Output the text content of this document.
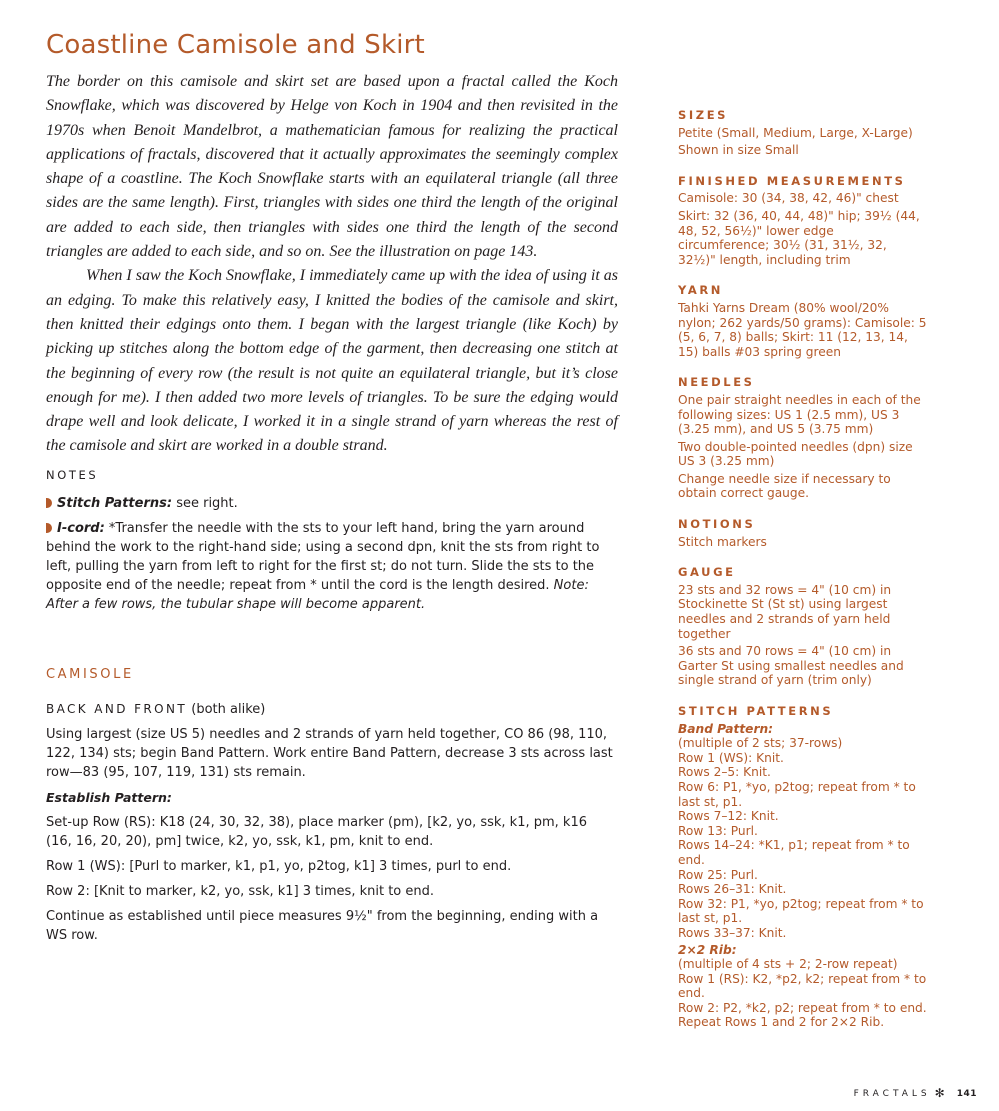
Coastline Camisole and Skirt

The border on this camisole and skirt set are based upon a fractal called the Koch Snowflake, which was discovered by Helge von Koch in 1904 and then revisited in the 1970s when Benoit Mandelbrot, a mathematician famous for realizing the practical applications of fractals, discovered that it actually approximates the seemingly complex shape of a coastline. The Koch Snowflake starts with an equilateral triangle (all three sides are the same length). First, triangles with sides one third the length of the original are added to each side, then triangles with sides one third the length of the second triangles are added to each side, and so on. See the illustration on page 143.

When I saw the Koch Snowflake, I immediately came up with the idea of using it as an edging. To make this relatively easy, I knitted the bodies of the camisole and skirt, then knitted their edgings onto them. I began with the largest triangle (like Koch) by picking up stitches along the bottom edge of the garment, then decreasing one stitch at the beginning of every row (the result is not quite an equilateral triangle, but it’s close enough for me). I then added two more levels of triangles. To be sure the edging would drape well and look delicate, I worked it in a single strand of yarn whereas the rest of the camisole and skirt are worked in a double strand.

NOTES

Stitch Patterns: see right.

I-cord: *Transfer the needle with the sts to your left hand, bring the yarn around behind the work to the right-hand side; using a second dpn, knit the sts from right to left, pulling the yarn from left to right for the first st; do not turn. Slide the sts to the opposite end of the needle; repeat from * until the cord is the length desired. Note: After a few rows, the tubular shape will become apparent.

CAMISOLE

BACK AND FRONT (both alike)

Using largest (size US 5) needles and 2 strands of yarn held together, CO 86 (98, 110, 122, 134) sts; begin Band Pattern. Work entire Band Pattern, decrease 3 sts across last row—83 (95, 107, 119, 131) sts remain.

Establish Pattern:

Set-up Row (RS): K18 (24, 30, 32, 38), place marker (pm), [k2, yo, ssk, k1, pm, k16 (16, 16, 20, 20), pm] twice, k2, yo, ssk, k1, pm, knit to end.

Row 1 (WS): [Purl to marker, k1, p1, yo, p2tog, k1] 3 times, purl to end.

Row 2: [Knit to marker, k2, yo, ssk, k1] 3 times, knit to end.

Continue as established until piece measures 9½" from the beginning, ending with a WS row.

SIZES

Petite (Small, Medium, Large, X-Large)

Shown in size Small

FINISHED MEASUREMENTS

Camisole: 30 (34, 38, 42, 46)" chest

Skirt: 32 (36, 40, 44, 48)" hip; 39½ (44, 48, 52, 56½)" lower edge circumference; 30½ (31, 31½, 32, 32½)" length, including trim

YARN

Tahki Yarns Dream (80% wool/20% nylon; 262 yards/50 grams): Camisole: 5 (5, 6, 7, 8) balls; Skirt: 11 (12, 13, 14, 15) balls #03 spring green

NEEDLES

One pair straight needles in each of the following sizes: US 1 (2.5 mm), US 3 (3.25 mm), and US 5 (3.75 mm)

Two double-pointed needles (dpn) size US 3 (3.25 mm)

Change needle size if necessary to obtain correct gauge.

NOTIONS

Stitch markers

GAUGE

23 sts and 32 rows = 4" (10 cm) in Stockinette St (St st) using largest needles and 2 strands of yarn held together

36 sts and 70 rows = 4" (10 cm) in Garter St using smallest needles and single strand of yarn (trim only)

STITCH PATTERNS

Band Pattern:

(multiple of 2 sts; 37-rows)

Row 1 (WS): Knit.

Rows 2–5: Knit.

Row 6: P1, *yo, p2tog; repeat from * to last st, p1.

Rows 7–12: Knit.

Row 13: Purl.

Rows 14–24: *K1, p1; repeat from * to end.

Row 25: Purl.

Rows 26–31: Knit.

Row 32: P1, *yo, p2tog; repeat from * to last st, p1.

Rows 33–37: Knit.

2×2 Rib:

(multiple of 4 sts + 2; 2-row repeat)

Row 1 (RS): K2, *p2, k2; repeat from * to end.

Row 2: P2, *k2, p2; repeat from * to end.

Repeat Rows 1 and 2 for 2×2 Rib.

FRACTALS ✻ 141
